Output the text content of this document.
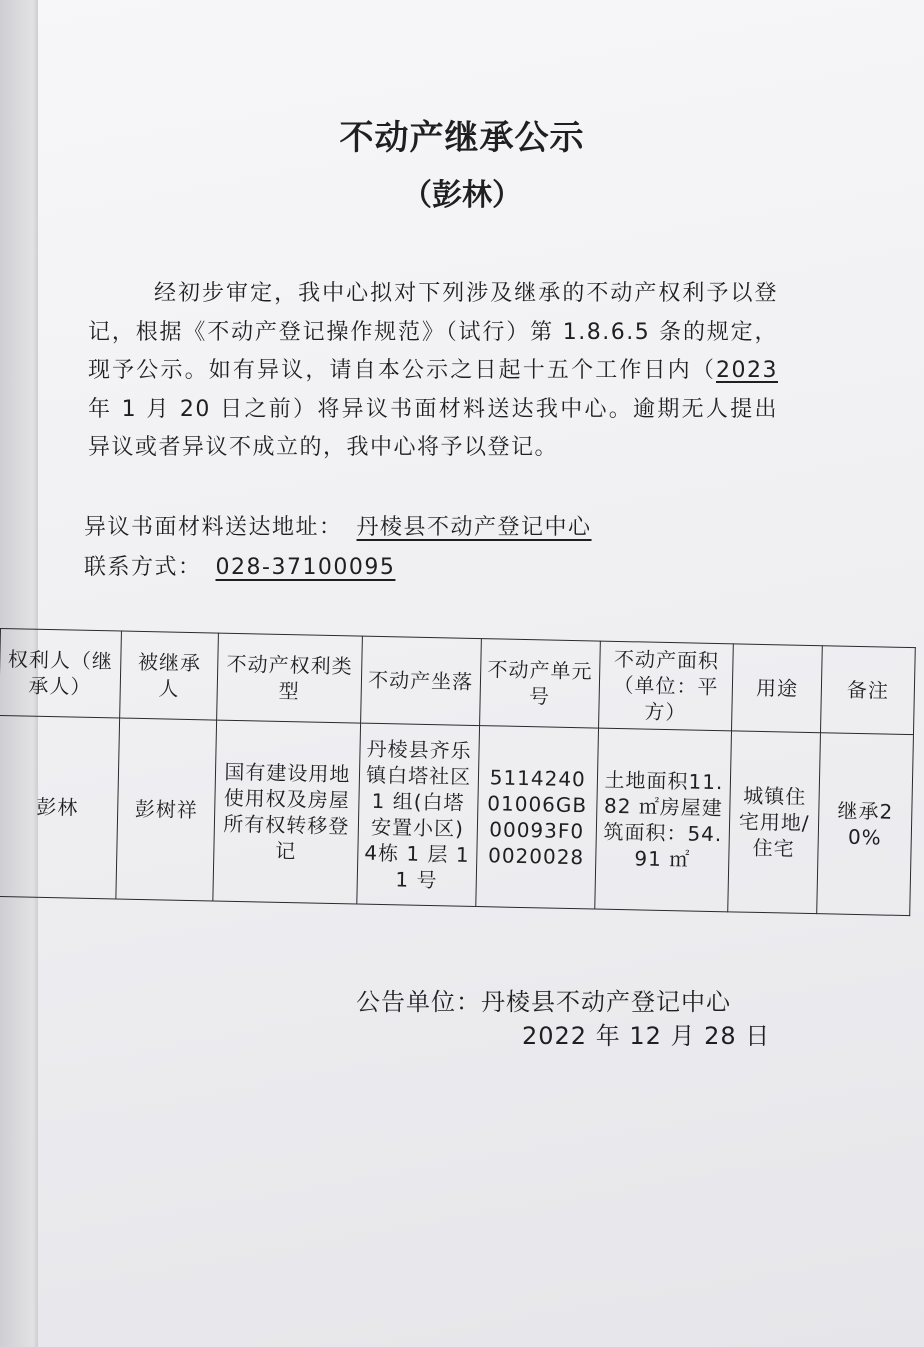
不动产继承公示
（彭林）
经初步审定，我中心拟对下列涉及继承的不动产权利予以登记，根据《不动产登记操作规范》（试行）第 1.8.6.5 条的规定，现予公示。如有异议，请自本公示之日起十五个工作日内（2023 年 1 月 20 日之前）将异议书面材料送达我中心。逾期无人提出异议或者异议不成立的，我中心将予以登记。
异议书面材料送达地址： 丹棱县不动产登记中心
联系方式： 028-37100095
权利人（继承人）	被继承人	不动产权利类型	不动产坐落	不动产单元号	不动产面积（单位：平方）	用途	备注
彭林	彭树祥	国有建设用地使用权及房屋所有权转移登记	丹棱县齐乐镇白塔社区 1 组(白塔安置小区)4栋 1 层 11 号	511424001006GB00093F00020028	土地面积11.82 ㎡房屋建筑面积：54.91 ㎡	城镇住宅用地/住宅	继承20%
公告单位：丹棱县不动产登记中心
2022 年 12 月 28 日
